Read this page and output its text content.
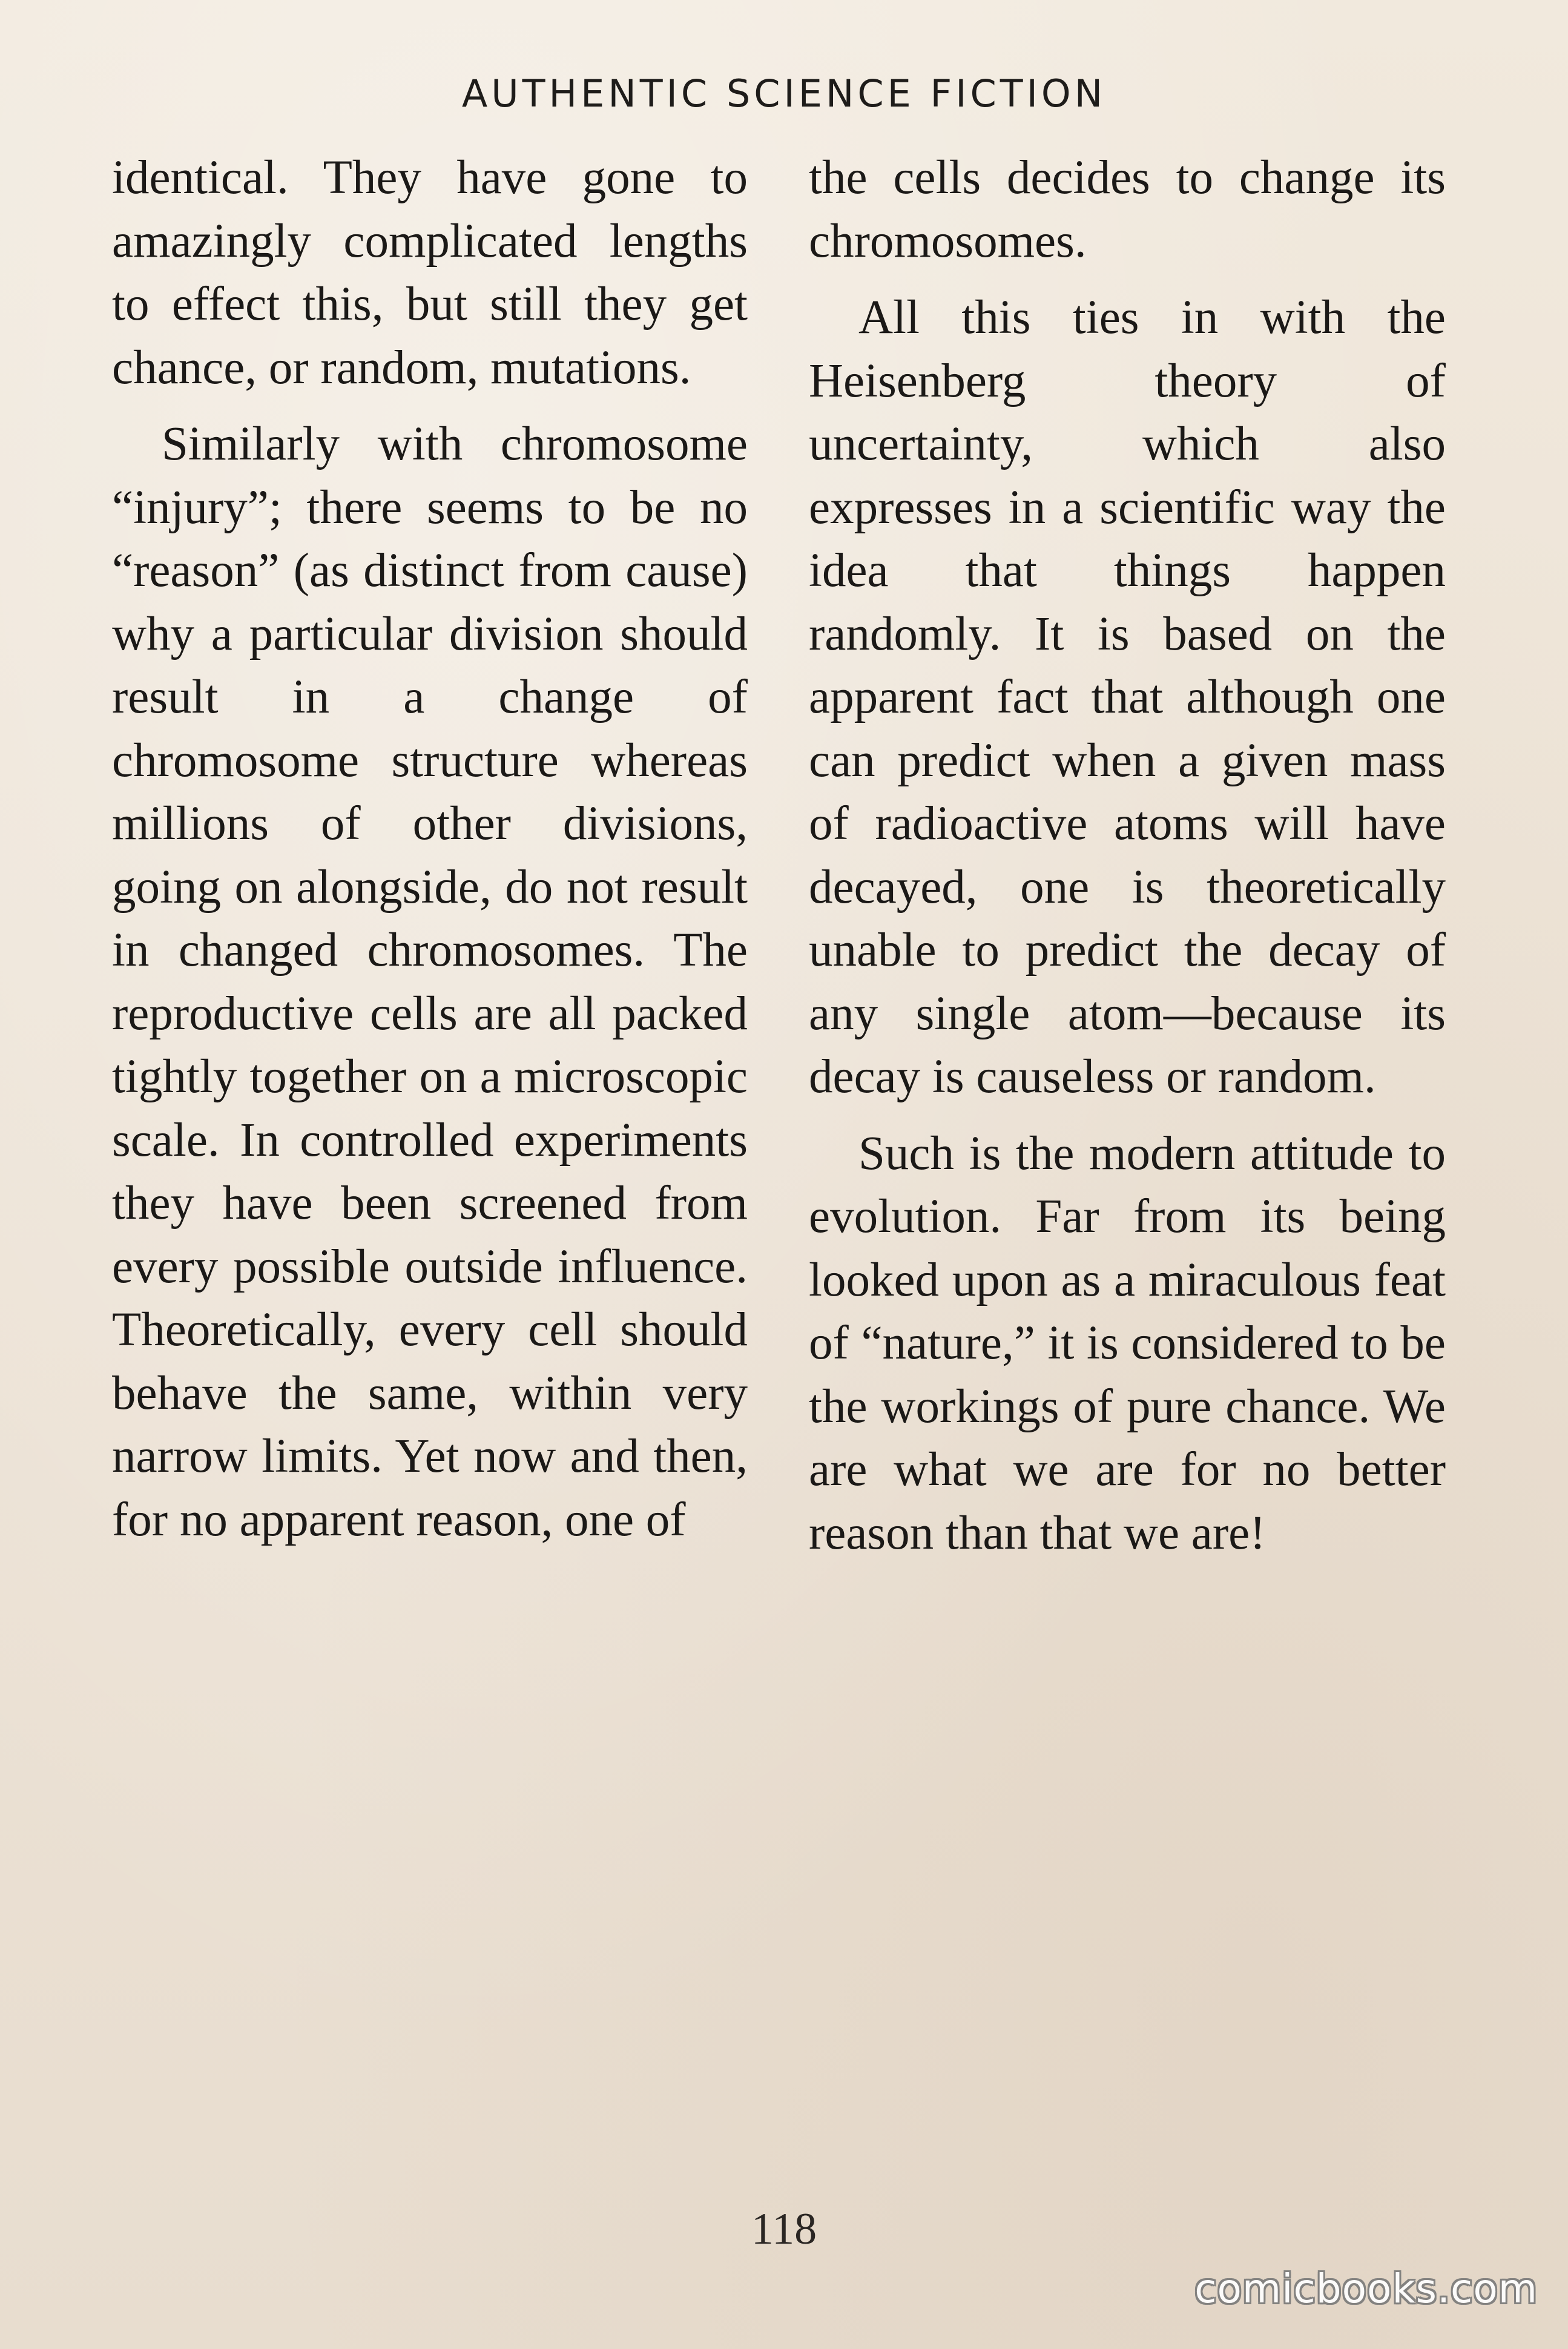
AUTHENTIC SCIENCE FICTION

identical. They have gone to amazingly complicated lengths to effect this, but still they get chance, or random, mutations.

Similarly with chromosome “injury”; there seems to be no “reason” (as distinct from cause) why a particular division should result in a change of chromosome structure whereas millions of other divisions, going on alongside, do not result in changed chromosomes. The reproductive cells are all packed tightly together on a microscopic scale. In controlled experiments they have been screened from every possible outside influence. Theoretically, every cell should behave the same, within very narrow limits. Yet now and then, for no apparent reason, one of

the cells decides to change its chromosomes.

All this ties in with the Heisenberg theory of uncertainty, which also expresses in a scientific way the idea that things happen randomly. It is based on the apparent fact that although one can predict when a given mass of radioactive atoms will have decayed, one is theoretically unable to predict the decay of any single atom—because its decay is causeless or random.

Such is the modern attitude to evolution. Far from its being looked upon as a miraculous feat of “nature,” it is considered to be the workings of pure chance. We are what we are for no better reason than that we are!

118
comicbooks.com
